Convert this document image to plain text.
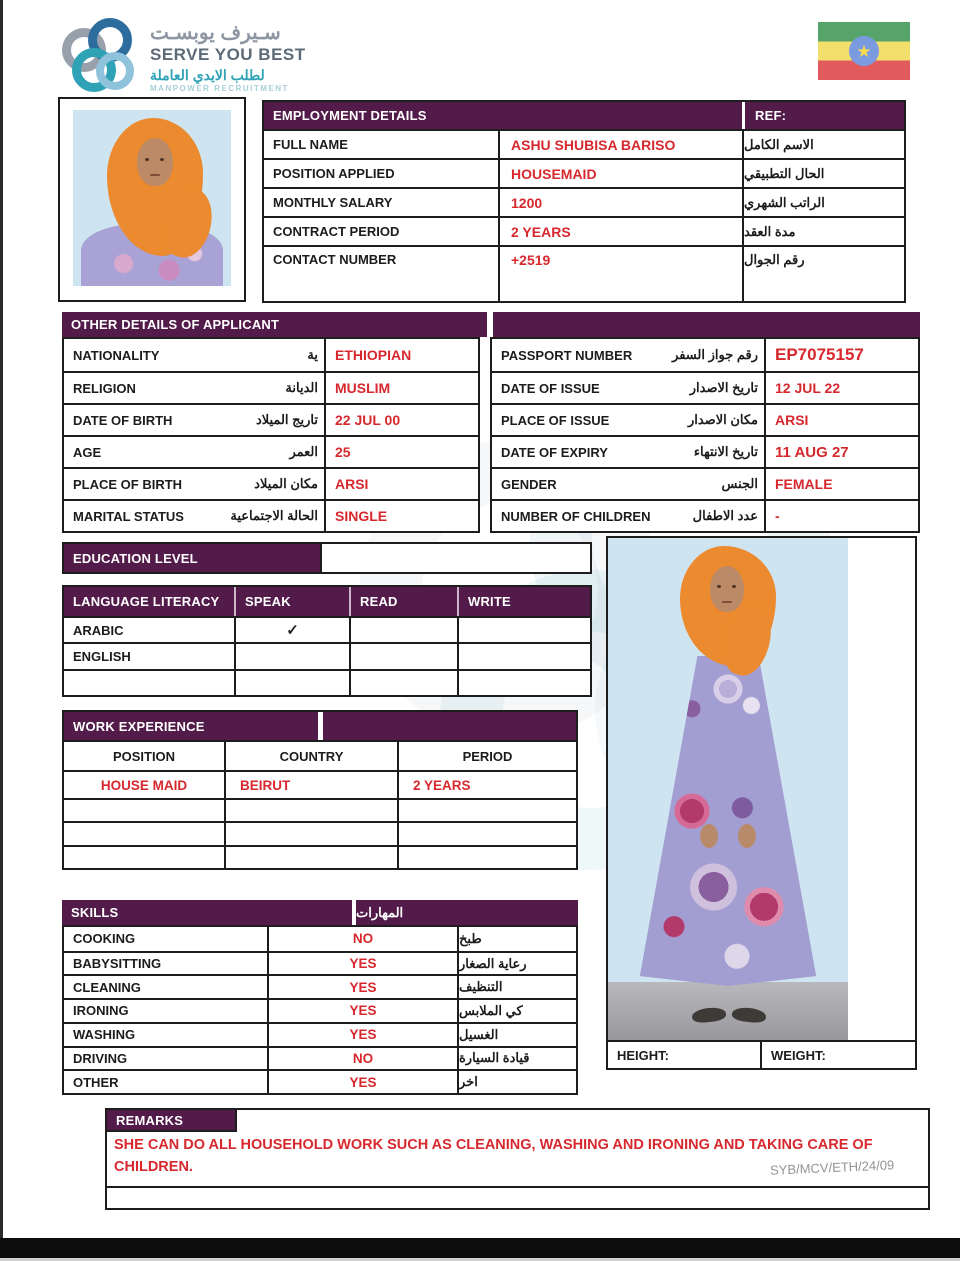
سـيرف يوبسـت
SERVE YOU BEST
لطلب الايدي العاملة
MANPOWER RECRUITMENT
★
EMPLOYMENT DETAILS	REF:
FULL NAME	ASHU SHUBISA BARISO	الاسم الكامل
POSITION APPLIED	HOUSEMAID	الحال التطبيقي
MONTHLY SALARY	1200	الراتب الشهري
CONTRACT PERIOD	2 YEARS	مدة العقد
CONTACT NUMBER	+2519	رقم الجوال
OTHER DETAILS OF APPLICANT
NATIONALITY	ية	ETHIOPIAN
RELIGION	الديانة	MUSLIM
DATE OF BIRTH	تاريج الميلاد	22 JUL 00
AGE	العمر	25
PLACE OF BIRTH	مكان الميلاد	ARSI
MARITAL STATUS	الحالة الاجتماعية	SINGLE
PASSPORT NUMBER	رقم جواز السفر	EP7075157
DATE OF ISSUE	تاريخ الاصدار	12 JUL 22
PLACE OF ISSUE	مكان الاصدار	ARSI
DATE OF EXPIRY	تاريخ الانتهاء	11 AUG 27
GENDER	الجنس	FEMALE
NUMBER OF CHILDREN	عدد الاطفال	-
EDUCATION LEVEL
LANGUAGE LITERACY	SPEAK	READ	WRITE
ARABIC	✓
ENGLISH
WORK EXPERIENCE
POSITION	COUNTRY	PERIOD
HOUSE MAID	BEIRUT	2 YEARS
SKILLS	المهارات
COOKING	NO	طبخ
BABYSITTING	YES	رعاية الصغار
CLEANING	YES	التنظيف
IRONING	YES	كي الملابس
WASHING	YES	الغسيل
DRIVING	NO	قيادة السيارة
OTHER	YES	اخر
HEIGHT:	WEIGHT:
REMARKS
SHE CAN DO ALL HOUSEHOLD WORK SUCH AS CLEANING, WASHING AND IRONING AND TAKING CARE OF CHILDREN.	SYB/MCV/ETH/24/09
